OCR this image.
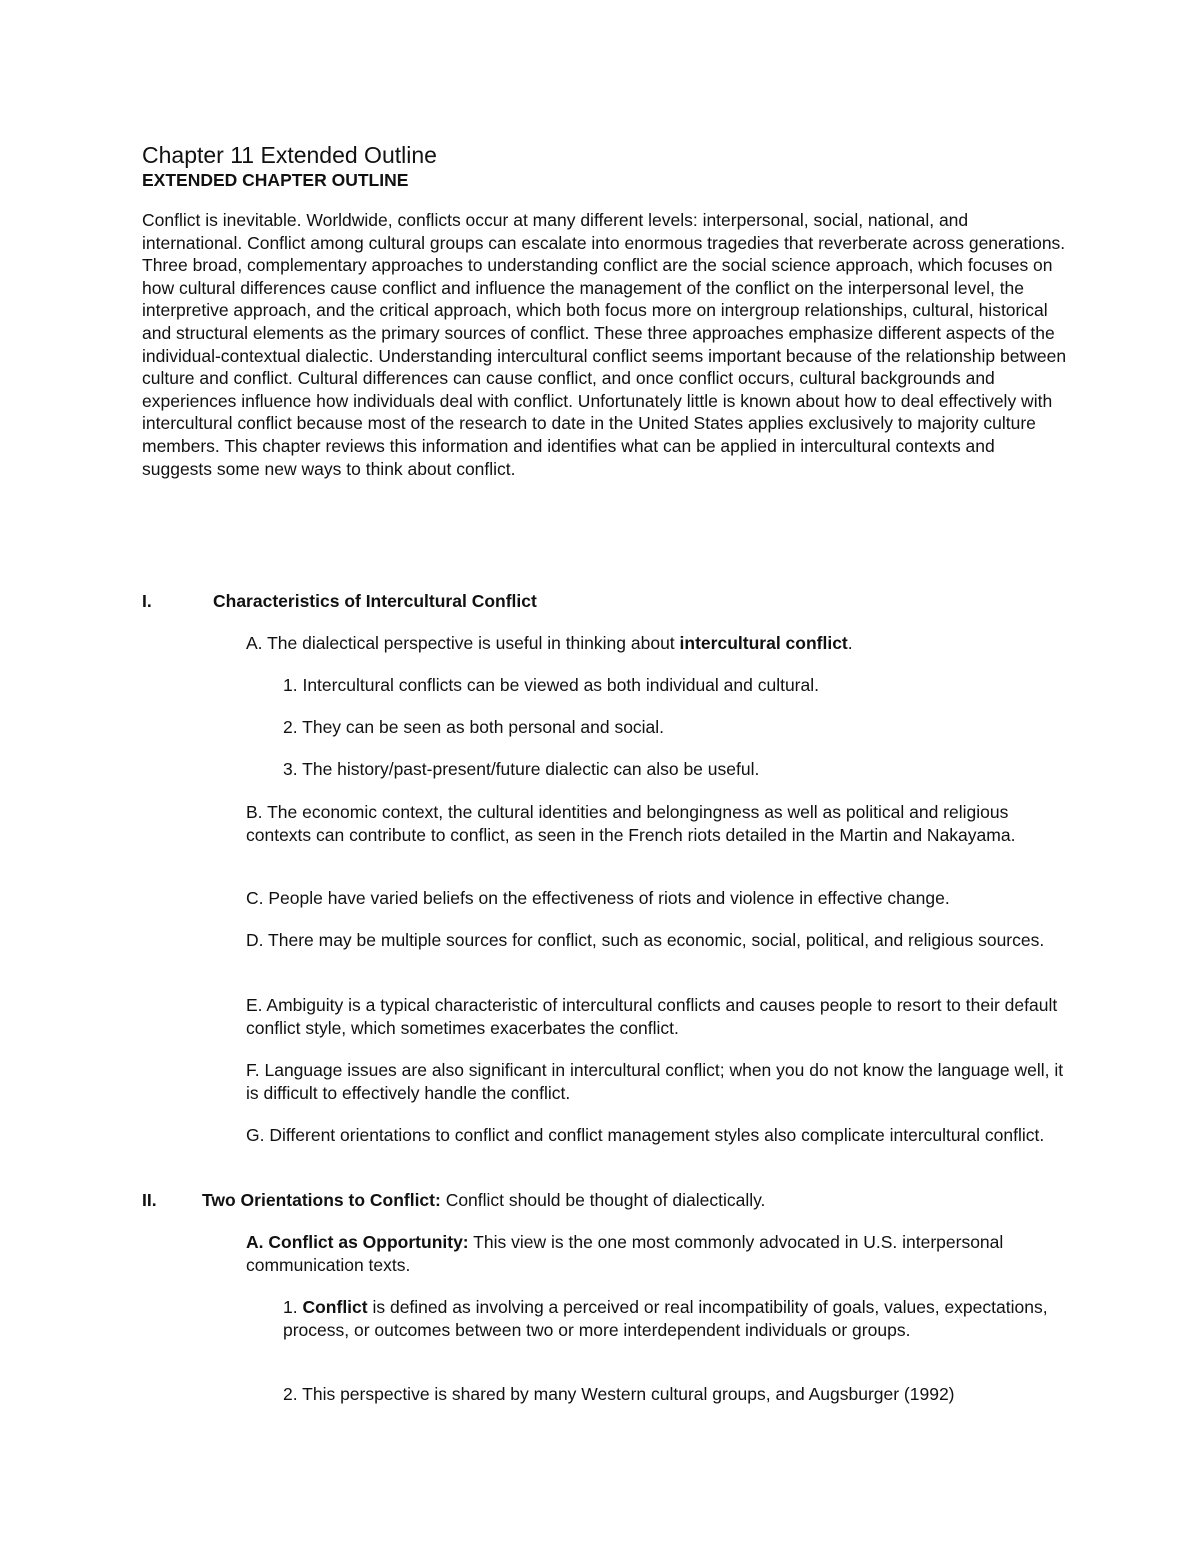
Chapter 11 Extended Outline
EXTENDED CHAPTER OUTLINE

Conflict is inevitable. Worldwide, conflicts occur at many different levels: interpersonal, social, national, and international. Conflict among cultural groups can escalate into enormous tragedies that reverberate across generations. Three broad, complementary approaches to understanding conflict are the social science approach, which focuses on how cultural differences cause conflict and influence the management of the conflict on the interpersonal level, the interpretive approach, and the critical approach, which both focus more on intergroup relationships, cultural, historical and structural elements as the primary sources of conflict. These three approaches emphasize different aspects of the individual-contextual dialectic. Understanding intercultural conflict seems important because of the relationship between culture and conflict. Cultural differences can cause conflict, and once conflict occurs, cultural backgrounds and experiences influence how individuals deal with conflict. Unfortunately little is known about how to deal effectively with intercultural conflict because most of the research to date in the United States applies exclusively to majority culture members. This chapter reviews this information and identifies what can be applied in intercultural contexts and suggests some new ways to think about conflict.

I.	Characteristics of Intercultural Conflict

A. The dialectical perspective is useful in thinking about intercultural conflict.

1. Intercultural conflicts can be viewed as both individual and cultural.

2. They can be seen as both personal and social.

3. The history/past-present/future dialectic can also be useful.

B. The economic context, the cultural identities and belongingness as well as political and religious contexts can contribute to conflict, as seen in the French riots detailed in the Martin and Nakayama.

C. People have varied beliefs on the effectiveness of riots and violence in effective change.

D. There may be multiple sources for conflict, such as economic, social, political, and religious sources.

E. Ambiguity is a typical characteristic of intercultural conflicts and causes people to resort to their default conflict style, which sometimes exacerbates the conflict.

F. Language issues are also significant in intercultural conflict; when you do not know the language well, it is difficult to effectively handle the conflict.

G. Different orientations to conflict and conflict management styles also complicate intercultural conflict.

II.	Two Orientations to Conflict: Conflict should be thought of dialectically.

A. Conflict as Opportunity: This view is the one most commonly advocated in U.S. interpersonal communication texts.

1. Conflict is defined as involving a perceived or real incompatibility of goals, values, expectations, process, or outcomes between two or more interdependent individuals or groups.

2. This perspective is shared by many Western cultural groups, and Augsburger (1992)
